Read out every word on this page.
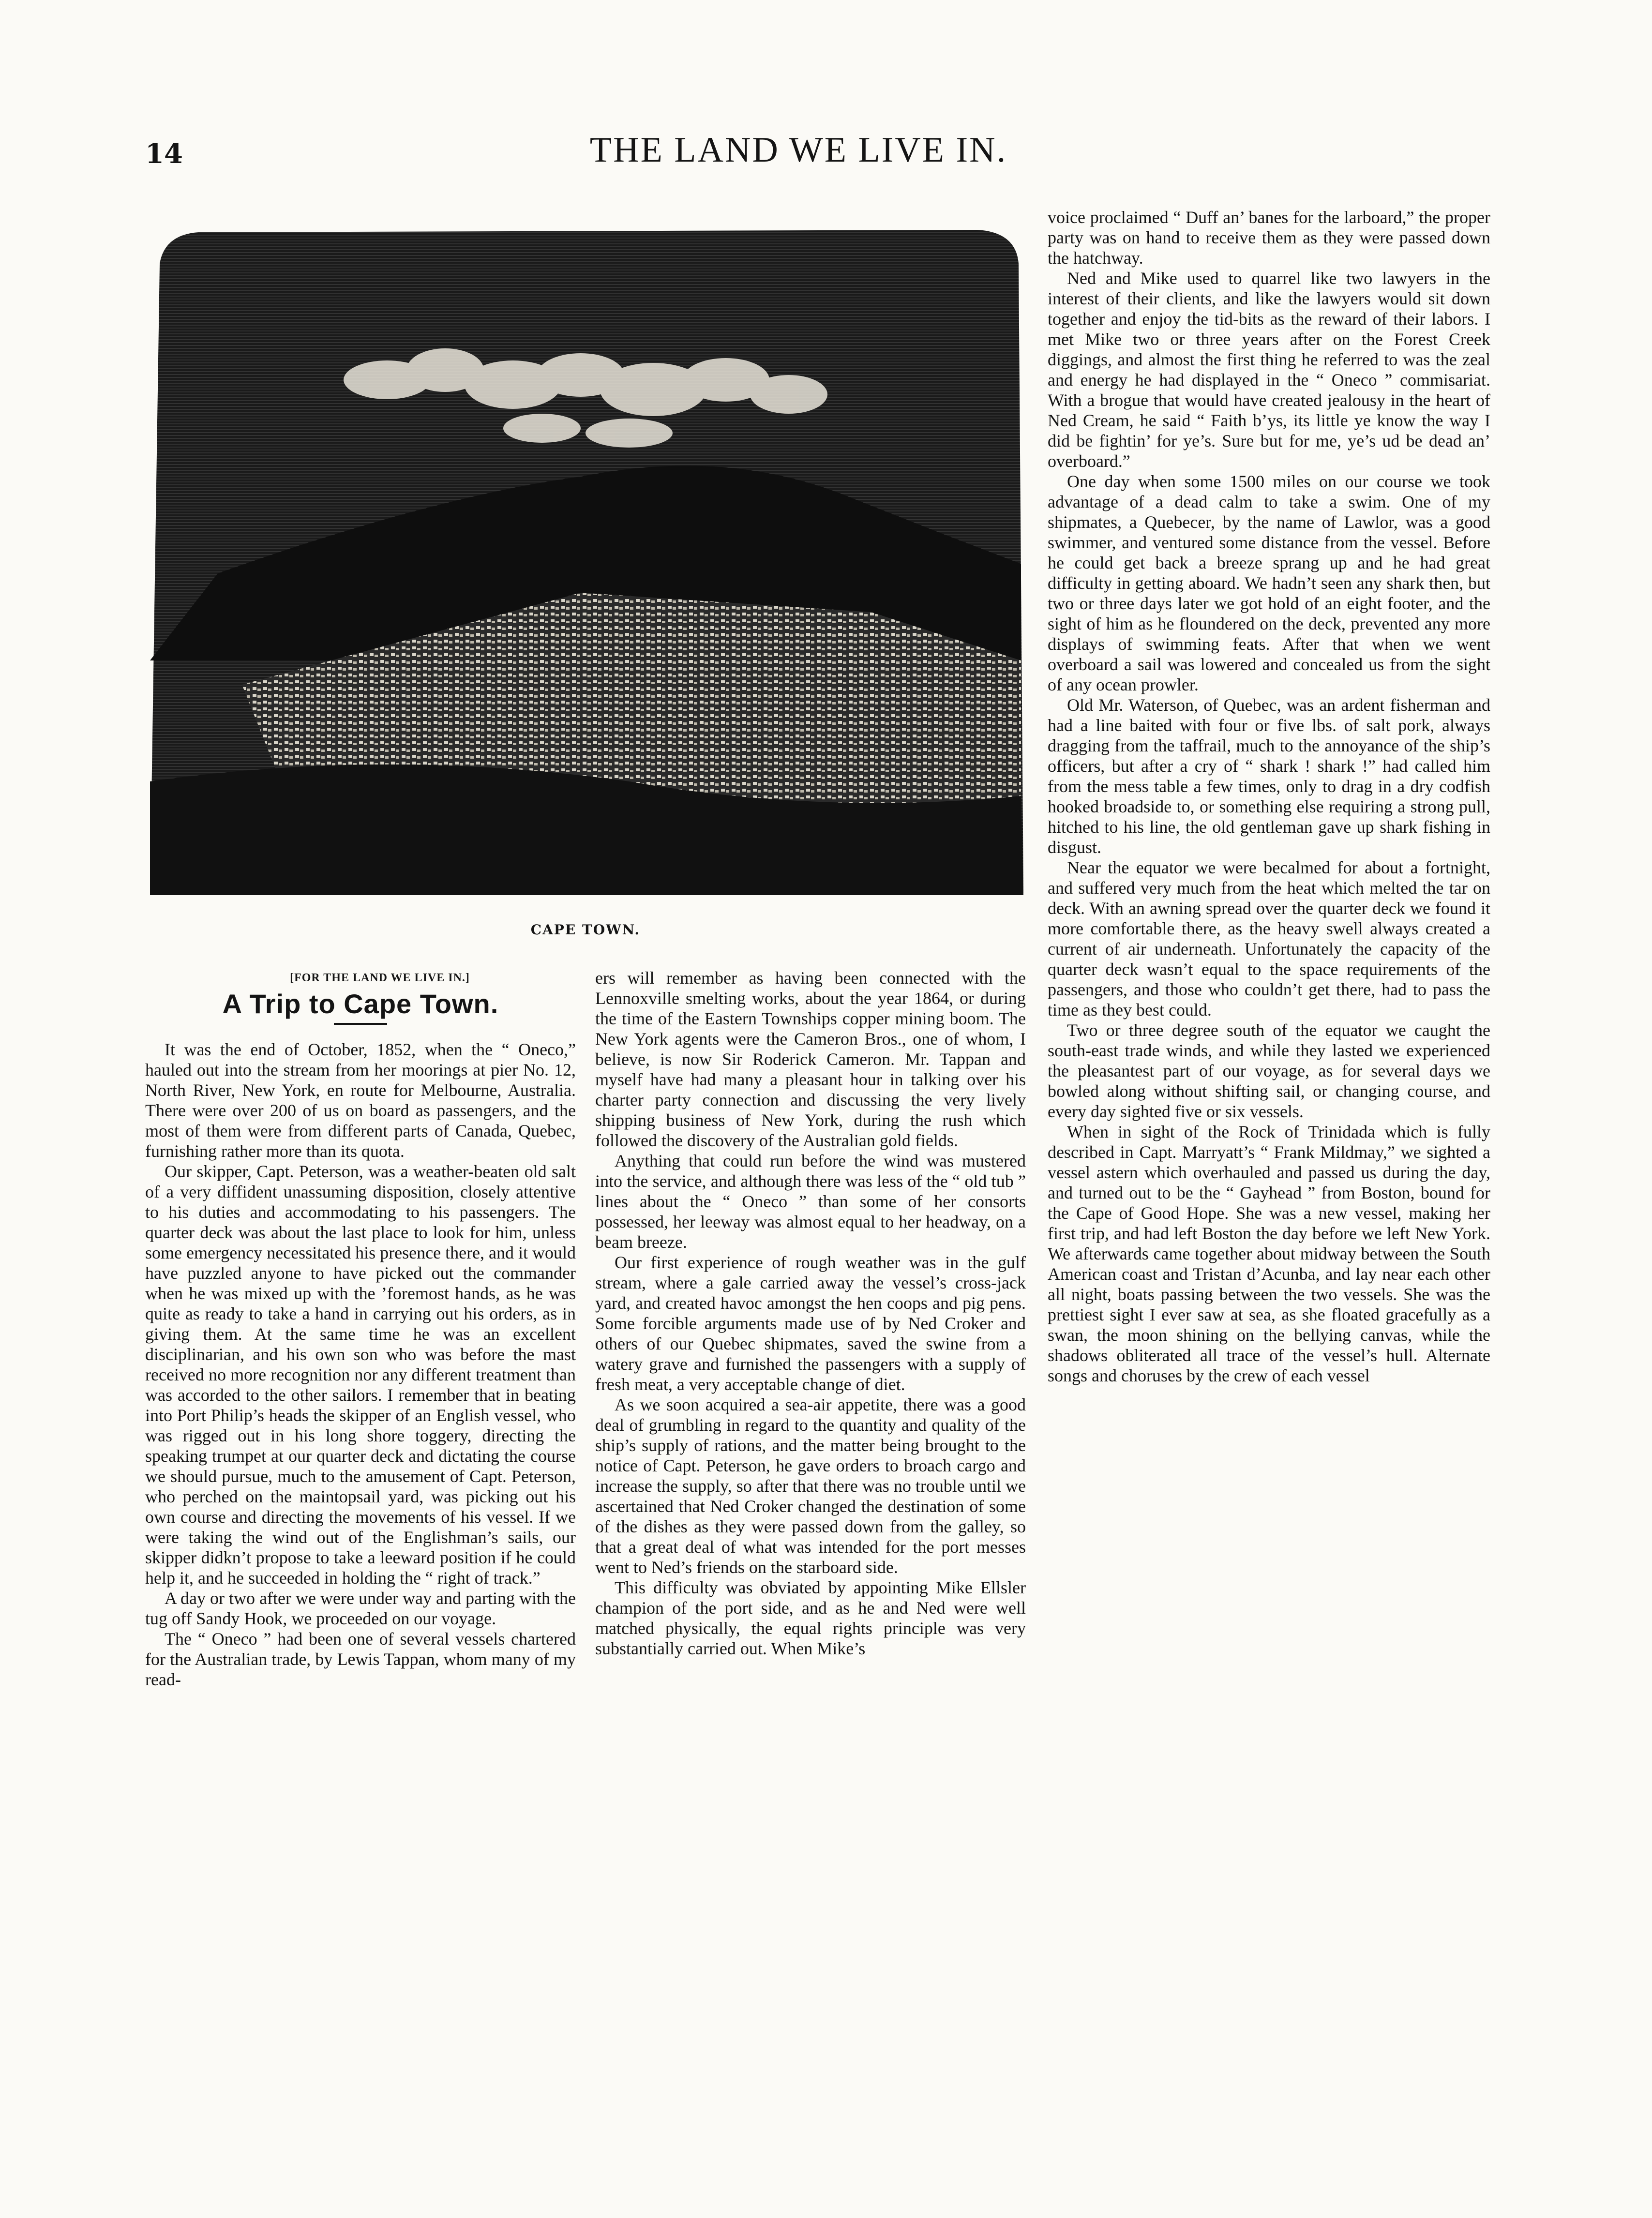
14	THE LAND WE LIVE IN.
CAPE TOWN.
[FOR THE LAND WE LIVE IN.]
A Trip to Cape Town.

It was the end of October, 1852, when the “ Oneco,” hauled out into the stream from her moorings at pier No. 12, North River, New York, en route for Melbourne, Australia. There were over 200 of us on board as passengers, and the most of them were from different parts of Canada, Quebec, furnishing rather more than its quota.

Our skipper, Capt. Peterson, was a weather-beaten old salt of a very diffident unassuming disposition, closely attentive to his duties and accommodating to his passengers. The quarter deck was about the last place to look for him, unless some emergency necessitated his presence there, and it would have puzzled anyone to have picked out the commander when he was mixed up with the ’foremost hands, as he was quite as ready to take a hand in carrying out his orders, as in giving them. At the same time he was an excellent disciplinarian, and his own son who was before the mast received no more recognition nor any different treatment than was accorded to the other sailors. I remember that in beating into Port Philip’s heads the skipper of an English vessel, who was rigged out in his long shore toggery, directing the speaking trumpet at our quarter deck and dictating the course we should pursue, much to the amusement of Capt. Peterson, who perched on the maintopsail yard, was picking out his own course and directing the movements of his vessel. If we were taking the wind out of the Englishman’s sails, our skipper didkn’t propose to take a leeward position if he could help it, and he succeeded in holding the “ right of track.”

A day or two after we were under way and parting with the tug off Sandy Hook, we proceeded on our voyage.

The “ Oneco ” had been one of several vessels chartered for the Australian trade, by Lewis Tappan, whom many of my read-

ers will remember as having been connected with the Lennoxville smelting works, about the year 1864, or during the time of the Eastern Townships copper mining boom. The New York agents were the Cameron Bros., one of whom, I believe, is now Sir Roderick Cameron. Mr. Tappan and myself have had many a pleasant hour in talking over his charter party connection and discussing the very lively shipping business of New York, during the rush which followed the discovery of the Australian gold fields.

Anything that could run before the wind was mustered into the service, and although there was less of the “ old tub ” lines about the “ Oneco ” than some of her consorts possessed, her leeway was almost equal to her headway, on a beam breeze.

Our first experience of rough weather was in the gulf stream, where a gale carried away the vessel’s cross-jack yard, and created havoc amongst the hen coops and pig pens. Some forcible arguments made use of by Ned Croker and others of our Quebec shipmates, saved the swine from a watery grave and furnished the passengers with a supply of fresh meat, a very acceptable change of diet.

As we soon acquired a sea-air appetite, there was a good deal of grumbling in regard to the quantity and quality of the ship’s supply of rations, and the matter being brought to the notice of Capt. Peterson, he gave orders to broach cargo and increase the supply, so after that there was no trouble until we ascertained that Ned Croker changed the destination of some of the dishes as they were passed down from the galley, so that a great deal of what was intended for the port messes went to Ned’s friends on the starboard side.

This difficulty was obviated by appointing Mike Ellsler champion of the port side, and as he and Ned were well matched physically, the equal rights principle was very substantially carried out. When Mike’s

voice proclaimed “ Duff an’ banes for the larboard,” the proper party was on hand to receive them as they were passed down the hatchway.

Ned and Mike used to quarrel like two lawyers in the interest of their clients, and like the lawyers would sit down together and enjoy the tid-bits as the reward of their labors. I met Mike two or three years after on the Forest Creek diggings, and almost the first thing he referred to was the zeal and energy he had displayed in the “ Oneco ” commisariat. With a brogue that would have created jealousy in the heart of Ned Cream, he said “ Faith b’ys, its little ye know the way I did be fightin’ for ye’s. Sure but for me, ye’s ud be dead an’ overboard.”

One day when some 1500 miles on our course we took advantage of a dead calm to take a swim. One of my shipmates, a Quebecer, by the name of Lawlor, was a good swimmer, and ventured some distance from the vessel. Before he could get back a breeze sprang up and he had great difficulty in getting aboard. We hadn’t seen any shark then, but two or three days later we got hold of an eight footer, and the sight of him as he floundered on the deck, prevented any more displays of swimming feats. After that when we went overboard a sail was lowered and concealed us from the sight of any ocean prowler.

Old Mr. Waterson, of Quebec, was an ardent fisherman and had a line baited with four or five lbs. of salt pork, always dragging from the taffrail, much to the annoyance of the ship’s officers, but after a cry of “ shark ! shark !” had called him from the mess table a few times, only to drag in a dry codfish hooked broadside to, or something else requiring a strong pull, hitched to his line, the old gentleman gave up shark fishing in disgust.

Near the equator we were becalmed for about a fortnight, and suffered very much from the heat which melted the tar on deck. With an awning spread over the quarter deck we found it more comfortable there, as the heavy swell always created a current of air underneath. Unfortunately the capacity of the quarter deck wasn’t equal to the space requirements of the passengers, and those who couldn’t get there, had to pass the time as they best could.

Two or three degree south of the equator we caught the south-east trade winds, and while they lasted we experienced the pleasantest part of our voyage, as for several days we bowled along without shifting sail, or changing course, and every day sighted five or six vessels.

When in sight of the Rock of Trinidada which is fully described in Capt. Marryatt’s “ Frank Mildmay,” we sighted a vessel astern which overhauled and passed us during the day, and turned out to be the “ Gayhead ” from Boston, bound for the Cape of Good Hope. She was a new vessel, making her first trip, and had left Boston the day before we left New York. We afterwards came together about midway between the South American coast and Tristan d’Acunba, and lay near each other all night, boats passing between the two vessels. She was the prettiest sight I ever saw at sea, as she floated gracefully as a swan, the moon shining on the bellying canvas, while the shadows obliterated all trace of the vessel’s hull. Alternate songs and choruses by the crew of each vessel
